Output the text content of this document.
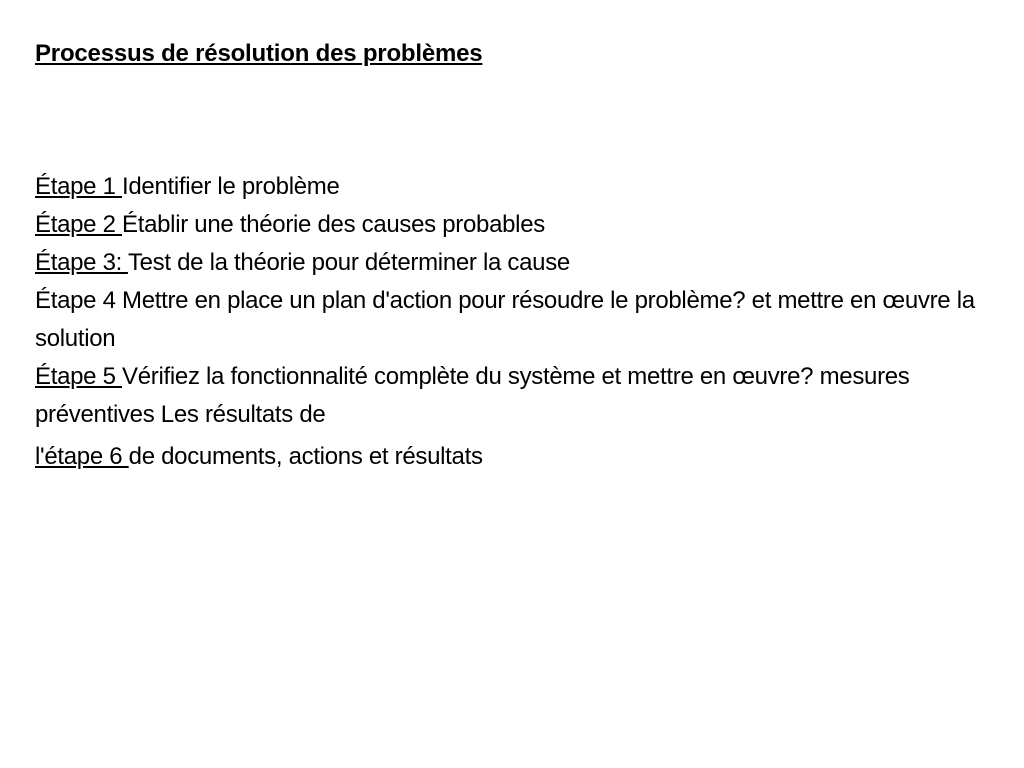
Processus de résolution des problèmes
Étape 1 Identifier le problème
Étape 2 Établir une théorie des causes probables
Étape 3: Test de la théorie pour déterminer la cause
Étape 4 Mettre en place un plan d'action pour résoudre le problème? et mettre en œuvre la solution
Étape 5 Vérifiez la fonctionnalité complète du système et mettre en œuvre? mesures préventives Les résultats de
l'étape 6 de documents, actions et résultats
